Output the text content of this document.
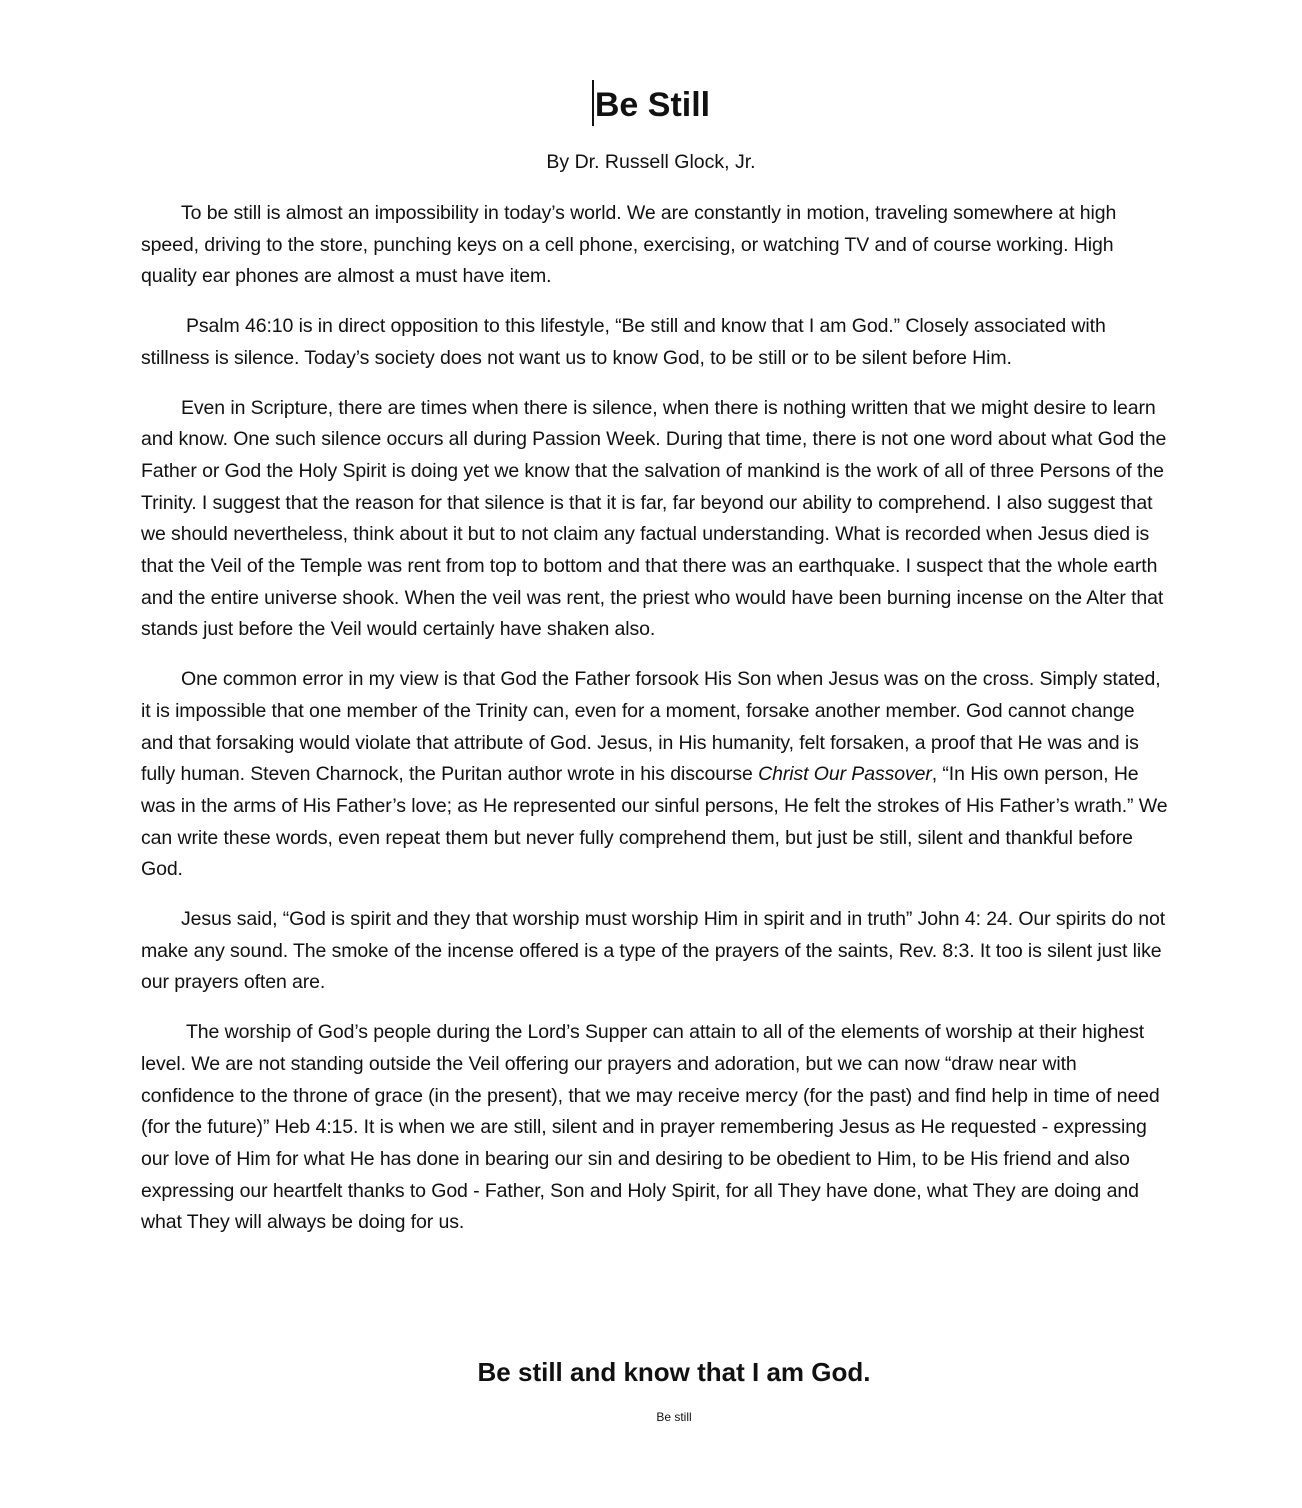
Be Still

By Dr. Russell Glock, Jr.

To be still is almost an impossibility in today’s world. We are constantly in motion, traveling somewhere at high speed, driving to the store, punching keys on a cell phone, exercising, or watching TV and of course working. High quality ear phones are almost a must have item.

Psalm 46:10 is in direct opposition to this lifestyle, “Be still and know that I am God.” Closely associated with stillness is silence. Today’s society does not want us to know God, to be still or to be silent before Him.

Even in Scripture, there are times when there is silence, when there is nothing written that we might desire to learn and know. One such silence occurs all during Passion Week. During that time, there is not one word about what God the Father or God the Holy Spirit is doing yet we know that the salvation of mankind is the work of all of three Persons of the Trinity. I suggest that the reason for that silence is that it is far, far beyond our ability to comprehend. I also suggest that we should nevertheless, think about it but to not claim any factual understanding. What is recorded when Jesus died is that the Veil of the Temple was rent from top to bottom and that there was an earthquake. I suspect that the whole earth and the entire universe shook. When the veil was rent, the priest who would have been burning incense on the Alter that stands just before the Veil would certainly have shaken also.

One common error in my view is that God the Father forsook His Son when Jesus was on the cross. Simply stated, it is impossible that one member of the Trinity can, even for a moment, forsake another member. God cannot change and that forsaking would violate that attribute of God. Jesus, in His humanity, felt forsaken, a proof that He was and is fully human. Steven Charnock, the Puritan author wrote in his discourse Christ Our Passover, “In His own person, He was in the arms of His Father’s love; as He represented our sinful persons, He felt the strokes of His Father’s wrath.” We can write these words, even repeat them but never fully comprehend them, but just be still, silent and thankful before God.

Jesus said, “God is spirit and they that worship must worship Him in spirit and in truth” John 4: 24. Our spirits do not make any sound. The smoke of the incense offered is a type of the prayers of the saints, Rev. 8:3. It too is silent just like our prayers often are.

The worship of God’s people during the Lord’s Supper can attain to all of the elements of worship at their highest level. We are not standing outside the Veil offering our prayers and adoration, but we can now “draw near with confidence to the throne of grace (in the present), that we may receive mercy (for the past) and find help in time of need (for the future)” Heb 4:15. It is when we are still, silent and in prayer remembering Jesus as He requested - expressing our love of Him for what He has done in bearing our sin and desiring to be obedient to Him, to be His friend and also expressing our heartfelt thanks to God - Father, Son and Holy Spirit, for all They have done, what They are doing and what They will always be doing for us.

Be still and know that I am God.

Be still
